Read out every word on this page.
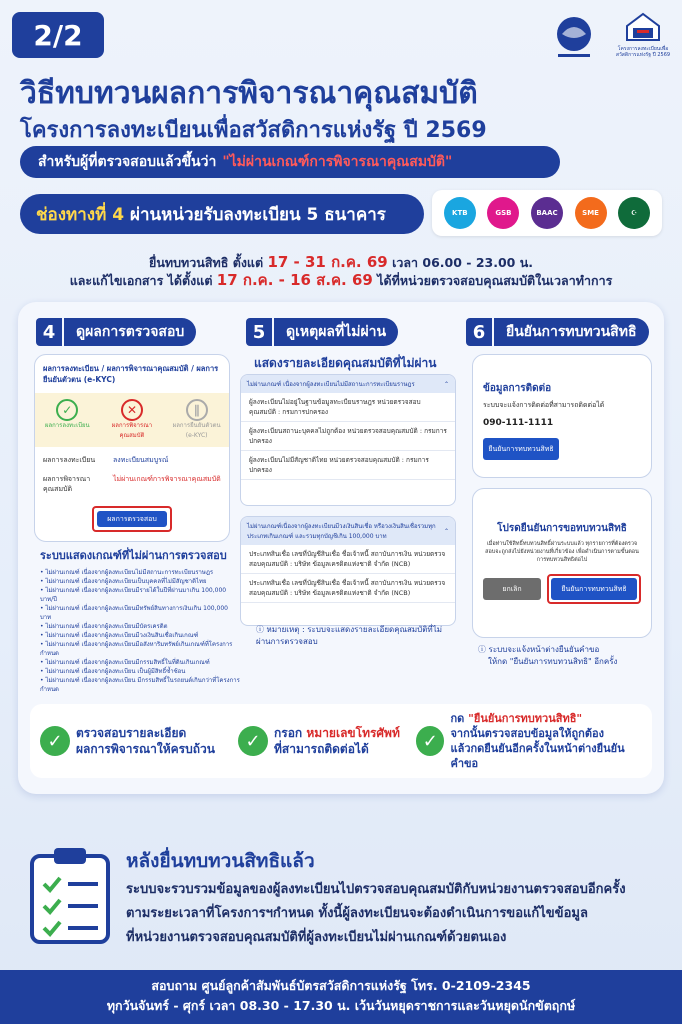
2/2	โครงการลงทะเบียนเพื่อสวัสดิการแห่งรัฐ ปี 2569
วิธีทบทวนผลการพิจารณาคุณสมบัติ
โครงการลงทะเบียนเพื่อสวัสดิการแห่งรัฐ ปี 2569
สำหรับผู้ที่ตรวจสอบแล้วขึ้นว่า "ไม่ผ่านเกณฑ์การพิจารณาคุณสมบัติ"
ช่องทางที่ 4
ผ่านหน่วยรับลงทะเบียน 5 ธนาคาร	KTB	GSB	BAAC	SME	☪
ยื่นทบทวนสิทธิ ตั้งแต่ 17 - 31 ก.ค. 69 เวลา 06.00 - 23.00 น.
และแก้ไขเอกสาร ได้ตั้งแต่ 17 ก.ค. - 16 ส.ค. 69 ได้ที่หน่วยตรวจสอบคุณสมบัติในเวลาทำการ
4	ดูผลการตรวจสอบ
ผลการลงทะเบียน / ผลการพิจารณาคุณสมบัติ / ผลการยืนยันตัวตน (e-KYC)
✓
ผลการลงทะเบียน
✕
ผลการพิจารณาคุณสมบัติ
∥
ผลการยืนยันตัวตน (e-KYC)
ผลการลงทะเบียน	ลงทะเบียนสมบูรณ์
ผลการพิจารณาคุณสมบัติ
ไม่ผ่านเกณฑ์การพิจารณาคุณสมบัติ
ผลการตรวจสอบ
ระบบแสดงเกณฑ์ที่ไม่ผ่านการตรวจสอบ
• ไม่ผ่านเกณฑ์ เนื่องจากผู้ลงทะเบียนไม่มีสถานะการทะเบียนราษฎร
• ไม่ผ่านเกณฑ์ เนื่องจากผู้ลงทะเบียนเป็นบุคคลที่ไม่มีสัญชาติไทย
• ไม่ผ่านเกณฑ์ เนื่องจากผู้ลงทะเบียนมีรายได้ในปีที่ผ่านมาเกิน 100,000 บาท/ปี
• ไม่ผ่านเกณฑ์ เนื่องจากผู้ลงทะเบียนมีทรัพย์สินทางการเงินเกิน 100,000 บาท
• ไม่ผ่านเกณฑ์ เนื่องจากผู้ลงทะเบียนมีบัตรเครดิต
• ไม่ผ่านเกณฑ์ เนื่องจากผู้ลงทะเบียนมีวงเงินสินเชื่อเกินเกณฑ์
• ไม่ผ่านเกณฑ์ เนื่องจากผู้ลงทะเบียนมีอสังหาริมทรัพย์เกินเกณฑ์ที่โครงการกำหนด
• ไม่ผ่านเกณฑ์ เนื่องจากผู้ลงทะเบียนมีกรรมสิทธิ์ในที่ดินเกินเกณฑ์
• ไม่ผ่านเกณฑ์ เนื่องจากผู้ลงทะเบียน เป็นผู้มีสิทธิ์ซ้ำซ้อน
• ไม่ผ่านเกณฑ์ เนื่องจากผู้ลงทะเบียน มีกรรมสิทธิ์ในรถยนต์เกินกว่าที่โครงการกำหนด
5	ดูเหตุผลที่ไม่ผ่าน
แสดงรายละเอียดคุณสมบัติที่ไม่ผ่าน
ไม่ผ่านเกณฑ์ เนื่องจากผู้ลงทะเบียนไม่มีสถานะการทะเบียนราษฎร	⌃
ผู้ลงทะเบียนไม่อยู่ในฐานข้อมูลทะเบียนราษฎร หน่วยตรวจสอบคุณสมบัติ : กรมการปกครอง
ผู้ลงทะเบียนสถานะบุคคลไม่ถูกต้อง หน่วยตรวจสอบคุณสมบัติ : กรมการปกครอง
ผู้ลงทะเบียนไม่มีสัญชาติไทย หน่วยตรวจสอบคุณสมบัติ : กรมการปกครอง
ไม่ผ่านเกณฑ์เนื่องจากผู้ลงทะเบียนมีวงเงินสินเชื่อ หรือวงเงินสินเชื่อรวมทุกประเภทเกินเกณฑ์ และรวมทุกบัญชีเกิน 100,000 บาท
⌃
ประเภทสินเชื่อ เลขที่บัญชีสินเชื่อ ชื่อเจ้าหนี้ สถาบันการเงิน หน่วยตรวจสอบคุณสมบัติ : บริษัท ข้อมูลเครดิตแห่งชาติ จำกัด (NCB)
ประเภทสินเชื่อ เลขที่บัญชีสินเชื่อ ชื่อเจ้าหนี้ สถาบันการเงิน หน่วยตรวจสอบคุณสมบัติ : บริษัท ข้อมูลเครดิตแห่งชาติ จำกัด (NCB)
ⓘ หมายเหตุ : ระบบจะแสดงรายละเอียดคุณสมบัติที่ไม่ผ่านการตรวจสอบ
6	ยืนยันการทบทวนสิทธิ
ข้อมูลการติดต่อ
ระบบจะแจ้งการติดต่อที่สามารถติดต่อได้
090-111-1111
ยืนยันการทบทวนสิทธิ
โปรดยืนยันการขอทบทวนสิทธิ
เมื่อท่านใช้สิทธิ์ทบทวนสิทธิ์ผ่านระบบแล้ว ทุกรายการที่ต้องตรวจสอบจะถูกส่งไปยังหน่วยงานที่เกี่ยวข้อง เพื่อดำเนินการตามขั้นตอนการทบทวนสิทธิต่อไป
ยกเลิก	ยืนยันการทบทวนสิทธิ
ⓘ ระบบจะแจ้งหน้าต่างยืนยันคำขอ
ให้กด "ยืนยันการทบทวนสิทธิ" อีกครั้ง
✓	ตรวจสอบรายละเอียด
ผลการพิจารณาให้ครบถ้วน	✓	กรอก หมายเลขโทรศัพท์
ที่สามารถติดต่อได้	✓
กด "ยืนยันการทบทวนสิทธิ"
จากนั้นตรวจสอบข้อมูลให้ถูกต้อง
แล้วกดยืนยันอีกครั้งในหน้าต่างยืนยันคำขอ
หลังยื่นทบทวนสิทธิแล้ว
ระบบจะรวบรวมข้อมูลของผู้ลงทะเบียนไปตรวจสอบคุณสมบัติกับหน่วยงานตรวจสอบอีกครั้ง
ตามระยะเวลาที่โครงการฯกำหนด ทั้งนี้ผู้ลงทะเบียนจะต้องดำเนินการขอแก้ไขข้อมูล
ที่หน่วยงานตรวจสอบคุณสมบัติที่ผู้ลงทะเบียนไม่ผ่านเกณฑ์ด้วยตนเอง
สอบถาม ศูนย์ลูกค้าสัมพันธ์บัตรสวัสดิการแห่งรัฐ โทร. 0-2109-2345
ทุกวันจันทร์ - ศุกร์ เวลา 08.30 - 17.30 น. เว้นวันหยุดราชการและวันหยุดนักขัตฤกษ์
